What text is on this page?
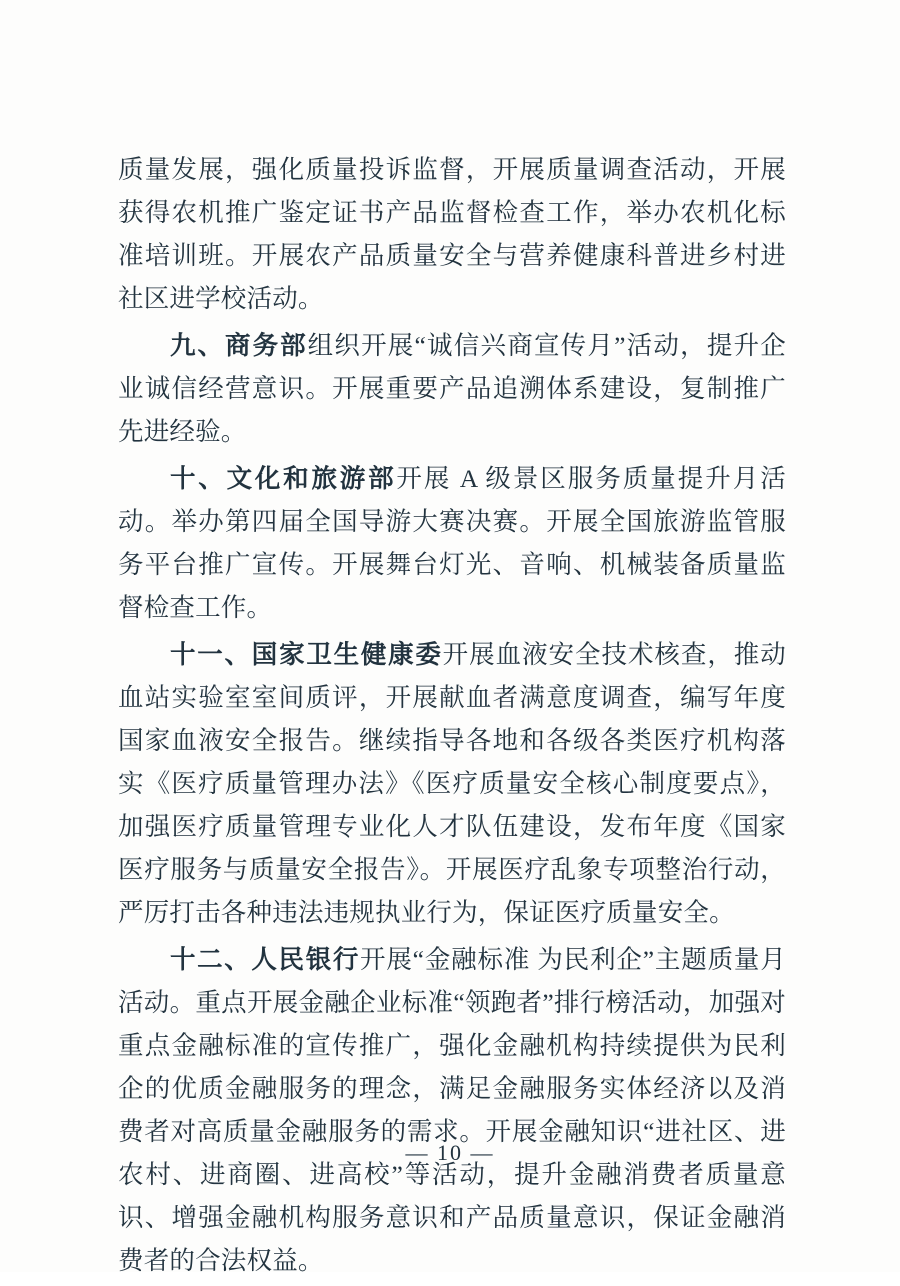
质量发展，强化质量投诉监督，开展质量调查活动，开展获得农机推广鉴定证书产品监督检查工作，举办农机化标准培训班。开展农产品质量安全与营养健康科普进乡村进社区进学校活动。

九、商务部组织开展“诚信兴商宣传月”活动，提升企业诚信经营意识。开展重要产品追溯体系建设，复制推广先进经验。

十、文化和旅游部开展 A 级景区服务质量提升月活动。举办第四届全国导游大赛决赛。开展全国旅游监管服务平台推广宣传。开展舞台灯光、音响、机械装备质量监督检查工作。

十一、国家卫生健康委开展血液安全技术核查，推动血站实验室室间质评，开展献血者满意度调查，编写年度国家血液安全报告。继续指导各地和各级各类医疗机构落实《医疗质量管理办法》《医疗质量安全核心制度要点》，加强医疗质量管理专业化人才队伍建设，发布年度《国家医疗服务与质量安全报告》。开展医疗乱象专项整治行动，严厉打击各种违法违规执业行为，保证医疗质量安全。

十二、人民银行开展“金融标准 为民利企”主题质量月活动。重点开展金融企业标准“领跑者”排行榜活动，加强对重点金融标准的宣传推广，强化金融机构持续提供为民利企的优质金融服务的理念，满足金融服务实体经济以及消费者对高质量金融服务的需求。开展金融知识“进社区、进农村、进商圈、进高校”等活动，提升金融消费者质量意识、增强金融机构服务意识和产品质量意识，保证金融消费者的合法权益。

— 10 —
